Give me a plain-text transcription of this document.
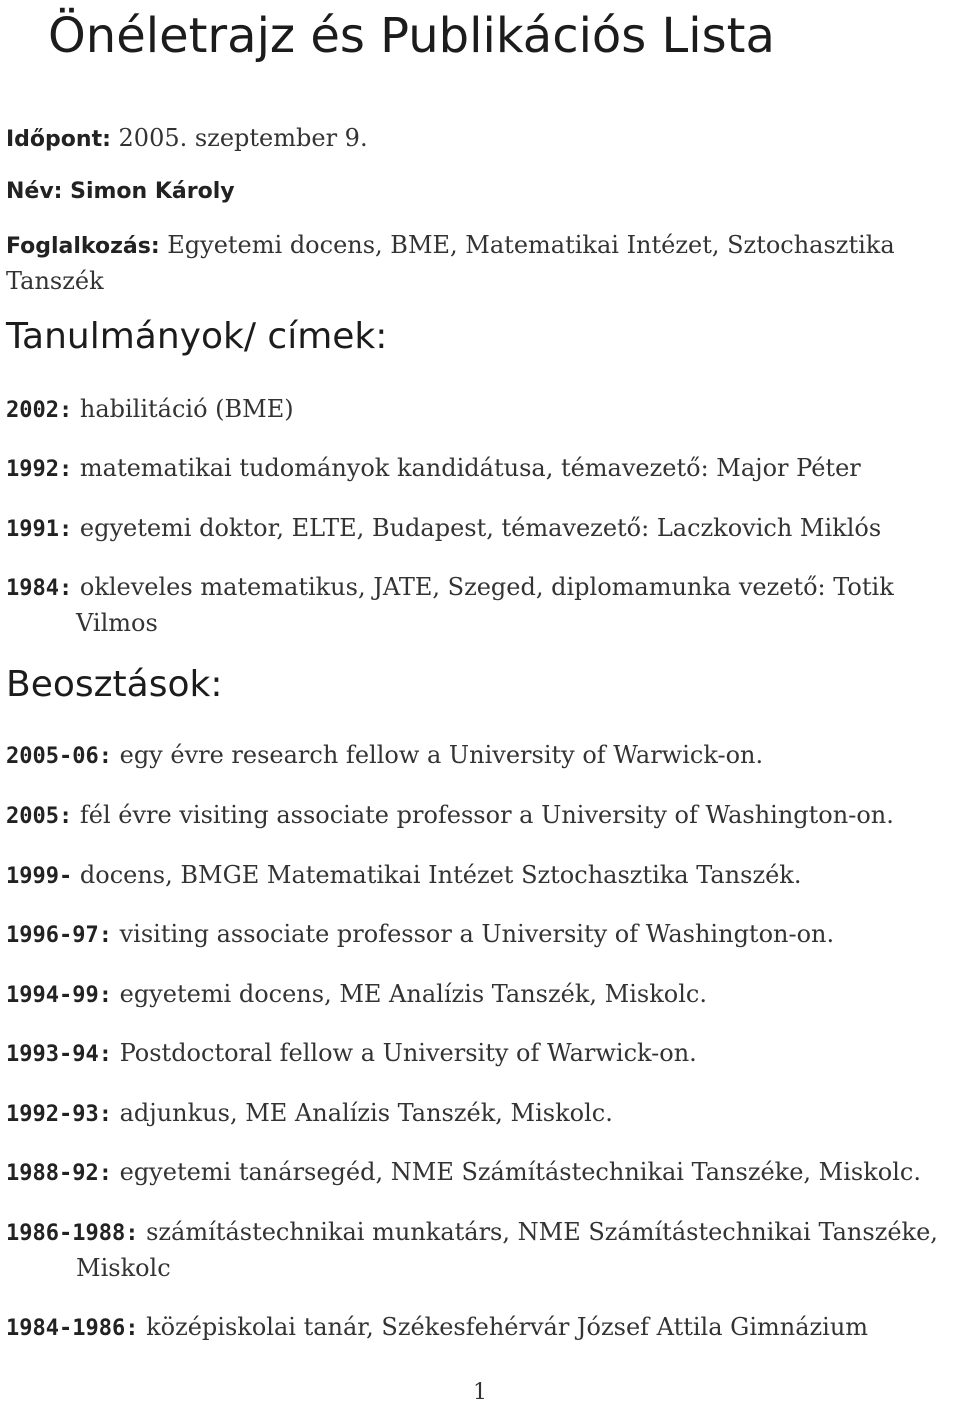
Önéletrajz és Publikációs Lista
Időpont: 2005. szeptember 9.
Név: Simon Károly
Foglalkozás: Egyetemi docens, BME, Matematikai Intézet, Sztochasztika Tanszék
Tanulmányok/ címek:
2002: habilitáció (BME)
1992: matematikai tudományok kandidátusa, témavezető: Major Péter
1991: egyetemi doktor, ELTE, Budapest, témavezető: Laczkovich Miklós
1984: okleveles matematikus, JATE, Szeged, diplomamunka vezető: Totik
Vilmos
Beosztások:
2005-06: egy évre research fellow a University of Warwick-on.
2005: fél évre visiting associate professor a University of Washington-on.
1999- docens, BMGE Matematikai Intézet Sztochasztika Tanszék.
1996-97: visiting associate professor a University of Washington-on.
1994-99: egyetemi docens, ME Analízis Tanszék, Miskolc.
1993-94: Postdoctoral fellow a University of Warwick-on.
1992-93: adjunkus, ME Analízis Tanszék, Miskolc.
1988-92: egyetemi tanársegéd, NME Számítástechnikai Tanszéke, Miskolc.
1986-1988: számítástechnikai munkatárs, NME Számítástechnikai Tanszéke,
Miskolc
1984-1986: középiskolai tanár, Székesfehérvár József Attila Gimnázium
1
